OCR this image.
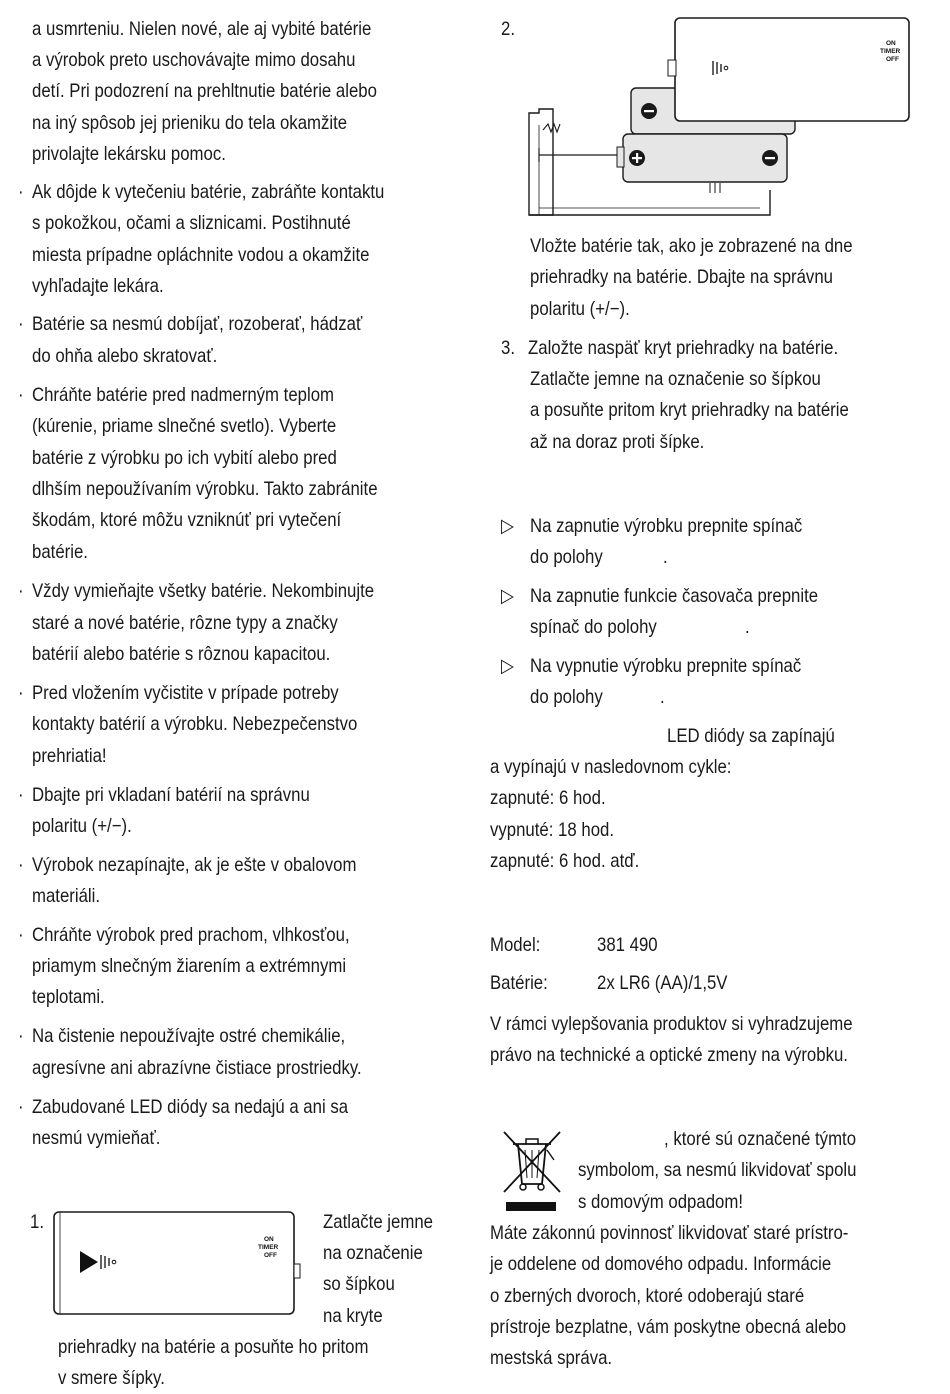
a usmrteniu. Nielen nové, ale aj vybité batérie
a výrobok preto uschovávajte mimo dosahu
detí. Pri podozrení na prehltnutie batérie alebo
na iný spôsob jej prieniku do tela okamžite
privolajte lekársku pomoc.
· Ak dôjde k vytečeniu batérie, zabráňte kontaktu
s pokožkou, očami a sliznicami. Postihnuté
miesta prípadne opláchnite vodou a okamžite
vyhľadajte lekára.
· Batérie sa nesmú dobíjať, rozoberať, hádzať
do ohňa alebo skratovať.
· Chráňte batérie pred nadmerným teplom
(kúrenie, priame slnečné svetlo). Vyberte
batérie z výrobku po ich vybití alebo pred
dlhším nepoužívaním výrobku. Takto zabránite
škodám, ktoré môžu vzniknúť pri vytečení
batérie.
· Vždy vymieňajte všetky batérie. Nekombinujte
staré a nové batérie, rôzne typy a značky
batérií alebo batérie s rôznou kapacitou.
· Pred vložením vyčistite v prípade potreby
kontakty batérií a výrobku. Nebezpečenstvo
prehriatia!
· Dbajte pri vkladaní batérií na správnu
polaritu (+/−).
· Výrobok nezapínajte, ak je ešte v obalovom
materiáli.
· Chráňte výrobok pred prachom, vlhkosťou,
priamym slnečným žiarením a extrémnymi
teplotami.
· Na čistenie nepoužívajte ostré chemikálie,
agresívne ani abrazívne čistiace prostriedky.
· Zabudované LED diódy sa nedajú a ani sa
nesmú vymieňať.
1.
ON
TIMER
OFF
Zatlačte jemne
na označenie
so šípkou
na kryte
priehradky na batérie a posuňte ho pritom
v smere šípky.
2.
ON
TIMER
OFF
Vložte batérie tak, ako je zobrazené na dne
priehradky na batérie. Dbajte na správnu
polaritu (+/−).
3. Založte naspäť kryt priehradky na batérie.
Zatlačte jemne na označenie so šípkou
a posuňte pritom kryt priehradky na batérie
až na doraz proti šípke.
▷ Na zapnutie výrobku prepnite spínač
do polohy	.
▷ Na zapnutie funkcie časovača prepnite
spínač do polohy	.
▷ Na vypnutie výrobku prepnite spínač
do polohy	.
LED diódy sa zapínajú
a vypínajú v nasledovnom cykle:
zapnuté: 6 hod.
vypnuté: 18 hod.
zapnuté: 6 hod. atď.
Model:	381 490
Batérie:	2x LR6 (AA)/1,5V
V rámci vylepšovania produktov si vyhradzujeme
právo na technické a optické zmeny na výrobku.
, ktoré sú označené týmto
symbolom, sa nesmú likvidovať spolu
s domovým odpadom!
Máte zákonnú povinnosť likvidovať staré prístro-
je oddelene od domového odpadu. Informácie
o zberných dvoroch, ktoré odoberajú staré
prístroje bezplatne, vám poskytne obecná alebo
mestská správa.
